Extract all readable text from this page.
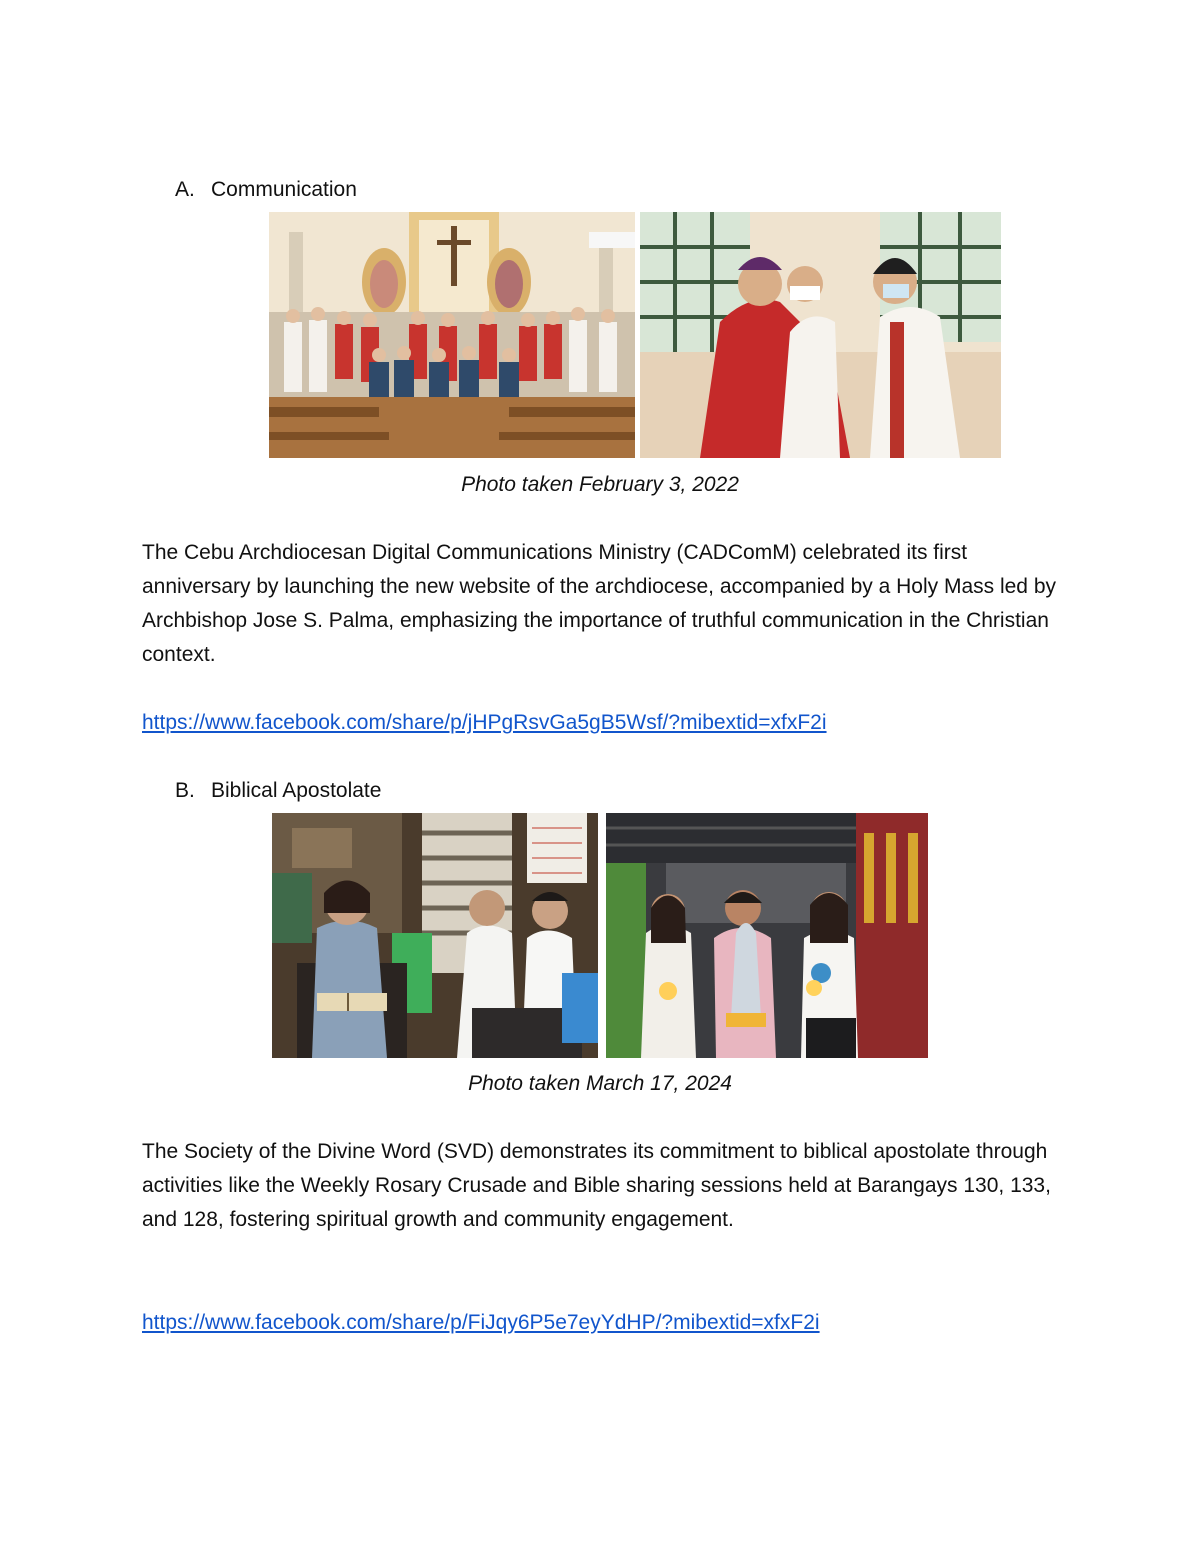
A. Communication
Photo taken February 3, 2022

The Cebu Archdiocesan Digital Communications Ministry (CADComM) celebrated its first anniversary by launching the new website of the archdiocese, accompanied by a Holy Mass led by Archbishop Jose S. Palma, emphasizing the importance of truthful communication in the Christian context.

https://www.facebook.com/share/p/jHPgRsvGa5gB5Wsf/?mibextid=xfxF2i
B. Biblical Apostolate
Photo taken March 17, 2024

The Society of the Divine Word (SVD) demonstrates its commitment to biblical apostolate through activities like the Weekly Rosary Crusade and Bible sharing sessions held at Barangays 130, 133, and 128, fostering spiritual growth and community engagement.

https://www.facebook.com/share/p/FiJqy6P5e7eyYdHP/?mibextid=xfxF2i
